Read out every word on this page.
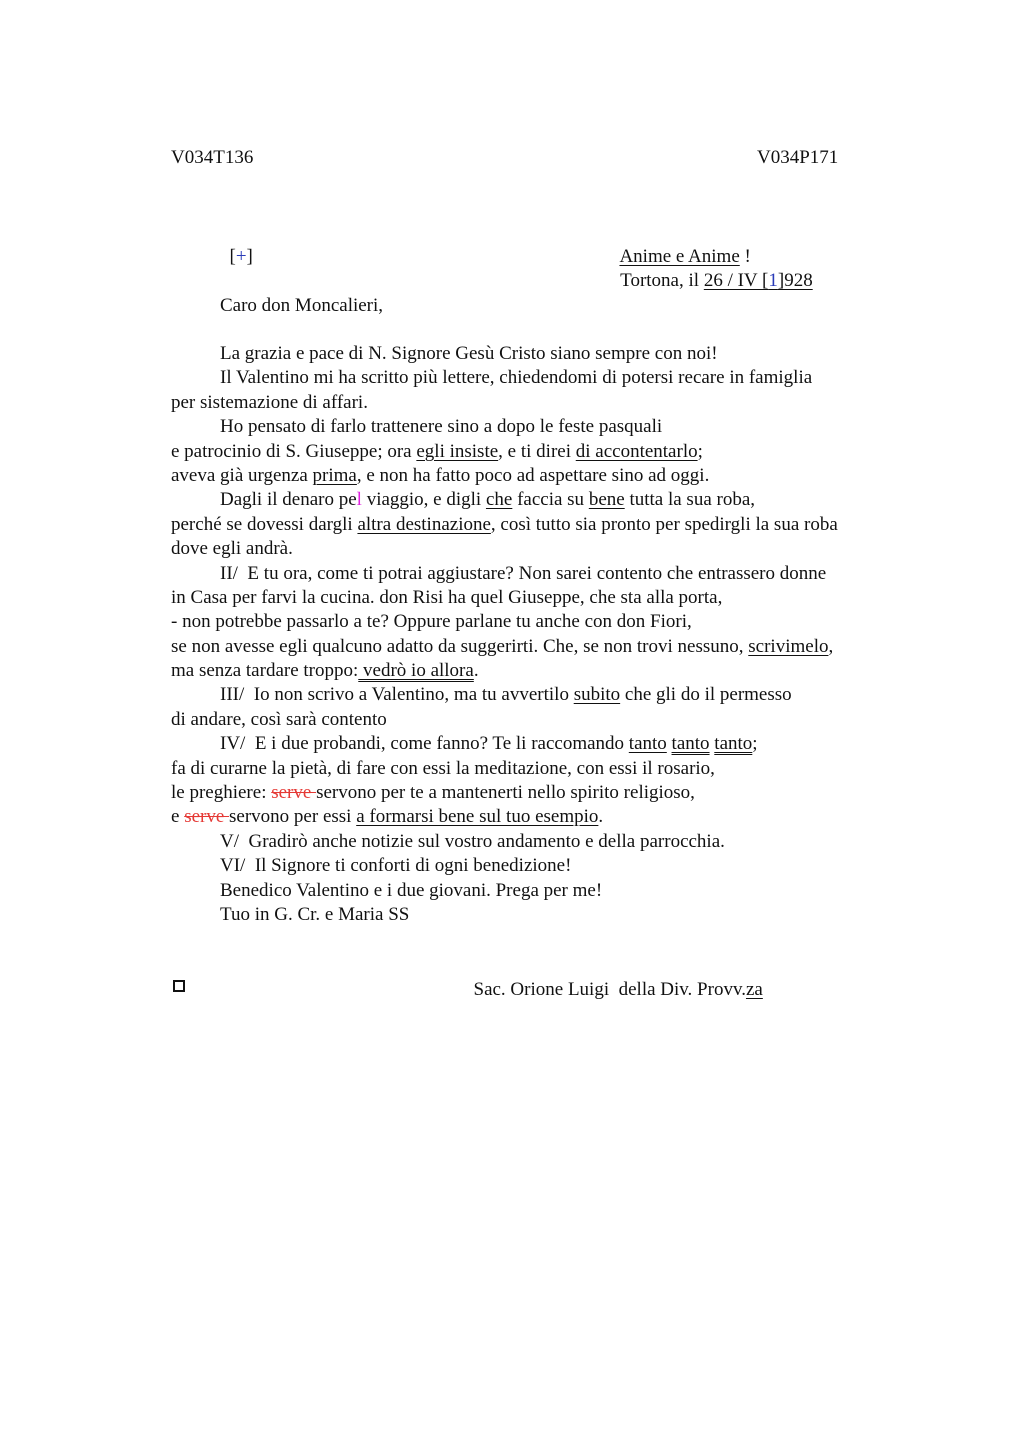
V034T136	V034P171

[+]	Anime e Anime !

Tortona, il 26 / IV [1]928

Caro don Moncalieri,
La grazia e pace di N. Signore Gesù Cristo siano sempre con noi!
Il Valentino mi ha scritto più lettere, chiedendomi di potersi recare in famiglia
per sistemazione di affari.
Ho pensato di farlo trattenere sino a dopo le feste pasquali
e patrocinio di S. Giuseppe; ora egli insiste, e ti direi di accontentarlo;
aveva già urgenza prima, e non ha fatto poco ad aspettare sino ad oggi.
Dagli il denaro pel viaggio, e digli che faccia su bene tutta la sua roba,
perché se dovessi dargli altra destinazione, così tutto sia pronto per spedirgli la sua roba
dove egli andrà.
II/  E tu ora, come ti potrai aggiustare? Non sarei contento che entrassero donne
in Casa per farvi la cucina. don Risi ha quel Giuseppe, che sta alla porta,
- non potrebbe passarlo a te? Oppure parlane tu anche con don Fiori,
se non avesse egli qualcuno adatto da suggerirti. Che, se non trovi nessuno, scrivimelo,
ma senza tardare troppo: vedrò io allora.
III/  Io non scrivo a Valentino, ma tu avvertilo subito che gli do il permesso
di andare, così sarà contento
IV/  E i due probandi, come fanno? Te li raccomando tanto tanto tanto;
fa di curarne la pietà, di fare con essi la meditazione, con essi il rosario,
le preghiere: serve servono per te a mantenerti nello spirito religioso,
e serve servono per essi a formarsi bene sul tuo esempio.
V/  Gradirò anche notizie sul vostro andamento e della parrocchia.
VI/  Il Signore ti conforti di ogni benedizione!
Benedico Valentino e i due giovani. Prega per me!
Tuo in G. Cr. e Maria SS

Sac. Orione Luigi  della Div. Provv.za
